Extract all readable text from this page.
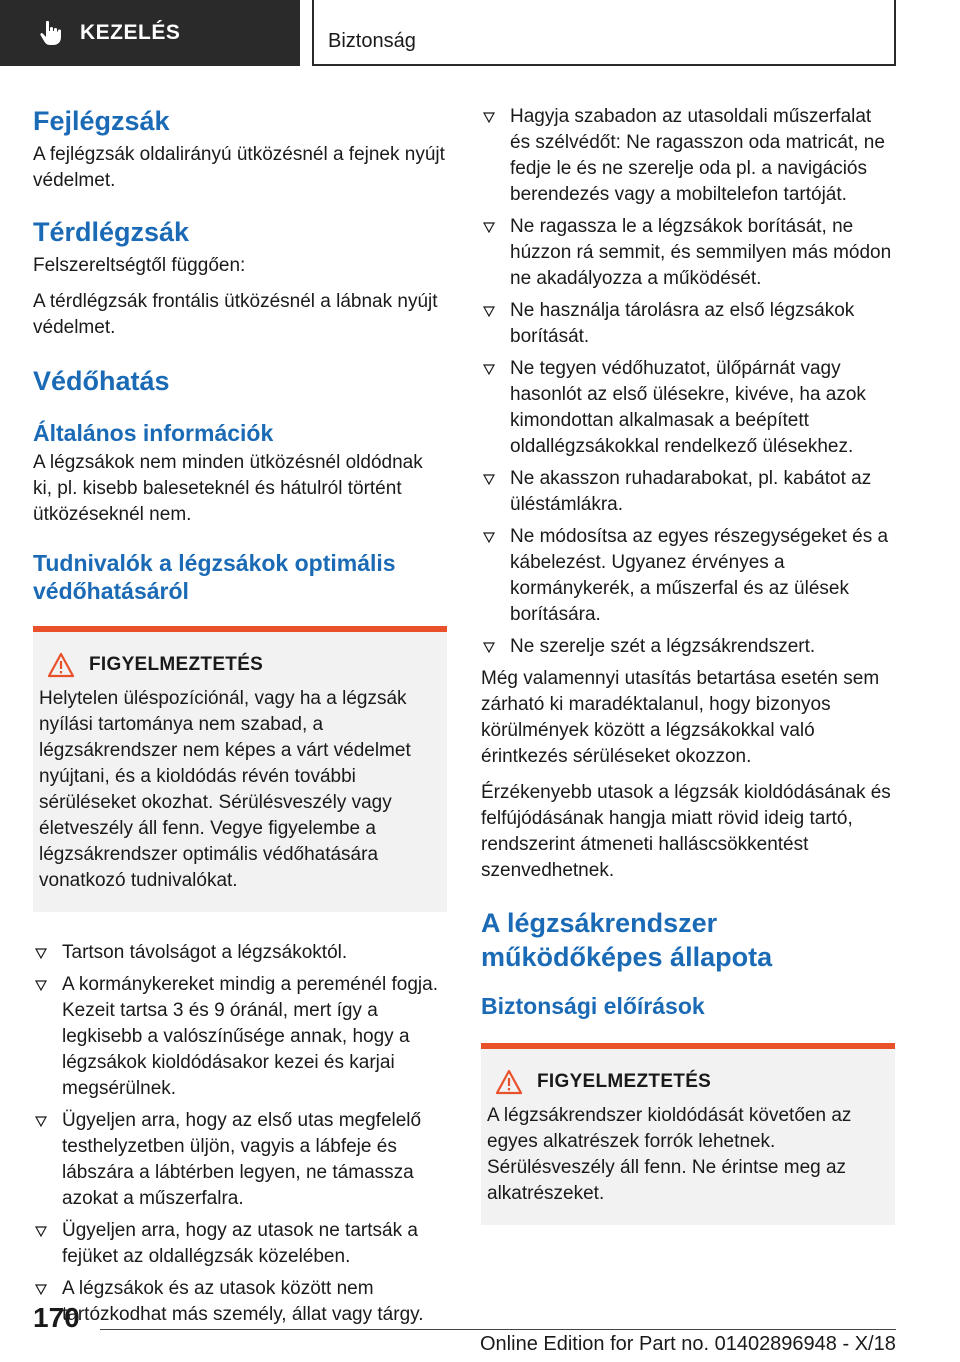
KEZELÉS	Biztonság
Fejlégzsák

A fejlégzsák oldalirányú ütközésnél a fejnek nyújt védelmet.

Térdlégzsák

Felszereltségtől függően:

A térdlégzsák frontális ütközésnél a lábnak nyújt védelmet.

Védőhatás
Általános információk

A légzsákok nem minden ütközésnél oldódnak ki, pl. kisebb baleseteknél és hátulról történt ütközéseknél nem.

Tudnivalók a légzsákok optimális védőhatásáról
FIGYELMEZTETÉS

Helytelen üléspozíciónál, vagy ha a légzsák nyílási tartománya nem szabad, a légzsákrendszer nem képes a várt védelmet nyújtani, és a kioldódás révén további sérüléseket okozhat. Sérülésveszély vagy életveszély áll fenn. Vegye figyelembe a légzsákrendszer optimális védőhatására vonatkozó tudnivalókat.

Tartson távolságot a légzsákoktól.
A kormánykereket mindig a pereménél fogja. Kezeit tartsa 3 és 9 óránál, mert így a legkisebb a valószínűsége annak, hogy a légzsákok kioldódásakor kezei és karjai megsérülnek.
Ügyeljen arra, hogy az első utas megfelelő testhelyzetben üljön, vagyis a lábfeje és lábszára a lábtérben legyen, ne támassza azokat a műszerfalra.
Ügyeljen arra, hogy az utasok ne tartsák a fejüket az oldallégzsák közelében.
A légzsákok és az utasok között nem tartózkodhat más személy, állat vagy tárgy.
Hagyja szabadon az utasoldali műszerfalat és szélvédőt: Ne ragasszon oda matricát, ne fedje le és ne szerelje oda pl. a navigációs berendezés vagy a mobiltelefon tartóját.
Ne ragassza le a légzsákok borítását, ne húzzon rá semmit, és semmilyen más módon ne akadályozza a működését.
Ne használja tárolásra az első légzsákok borítását.
Ne tegyen védőhuzatot, ülőpárnát vagy hasonlót az első ülésekre, kivéve, ha azok kimondottan alkalmasak a beépített oldallégzsákokkal rendelkező ülésekhez.
Ne akasszon ruhadarabokat, pl. kabátot az üléstámlákra.
Ne módosítsa az egyes részegységeket és a kábelezést. Ugyanez érvényes a kormánykerék, a műszerfal és az ülések borítására.
Ne szerelje szét a légzsákrendszert.

Még valamennyi utasítás betartása esetén sem zárható ki maradéktalanul, hogy bizonyos körülmények között a légzsákokkal való érintkezés sérüléseket okozzon.

Érzékenyebb utasok a légzsák kioldódásának és felfújódásának hangja miatt rövid ideig tartó, rendszerint átmeneti halláscsökkentést szenvedhetnek.

A légzsákrendszer működőképes állapota
Biztonsági előírások
FIGYELMEZTETÉS

A légzsákrendszer kioldódását követően az egyes alkatrészek forrók lehetnek. Sérülésveszély áll fenn. Ne érintse meg az alkatrészeket.

170
Online Edition for Part no. 01402896948 - X/18
